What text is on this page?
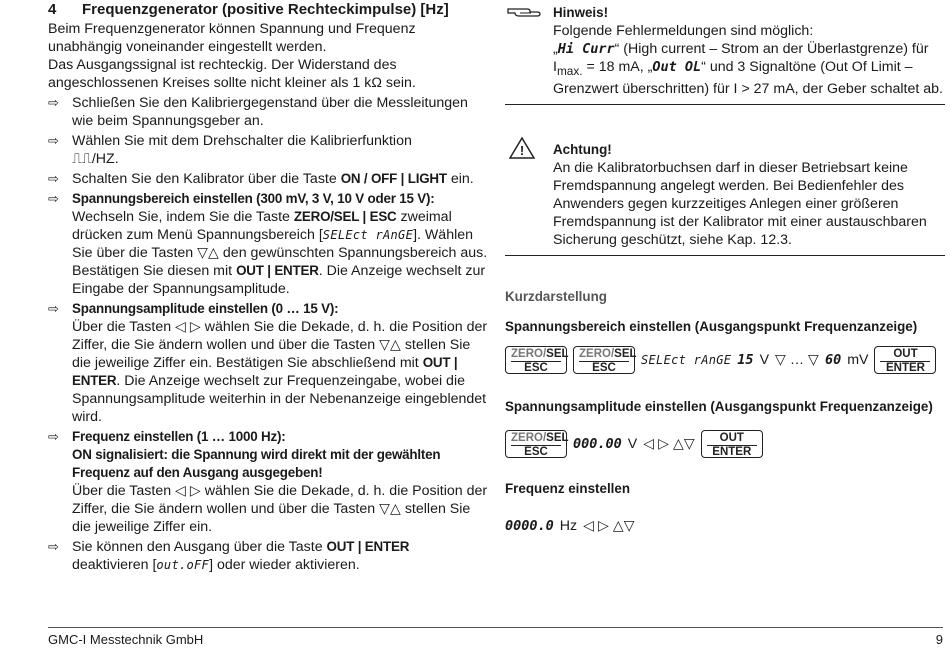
4 Frequenzgenerator (positive Rechteckimpulse) [Hz]

Beim Frequenzgenerator können Spannung und Frequenz unabhängig voneinander eingestellt werden.

Das Ausgangssignal ist rechteckig. Der Widerstand des angeschlossenen Kreises sollte nicht kleiner als 1 kΩ sein.

⇨ Schließen Sie den Kalibriergegenstand über die Messleitungen wie beim Spannungsgeber an.
⇨ Wählen Sie mit dem Drehschalter die Kalibrierfunktion
⎍⎍/HZ.
⇨ Schalten Sie den Kalibrator über die Taste ON / OFF | LIGHT ein.
⇨ Spannungsbereich einstellen (300 mV, 3 V, 10 V oder 15 V):
Wechseln Sie, indem Sie die Taste ZERO/SEL | ESC zweimal drücken zum Menü Spannungsbereich [SELEct rAnGE]. Wählen Sie über die Tasten ▽△ den gewünschten Spannungsbereich aus. Bestätigen Sie diesen mit OUT | ENTER. Die Anzeige wechselt zur Eingabe der Spannungsamplitude.
⇨ Spannungsamplitude einstellen (0 … 15 V):
Über die Tasten ◁ ▷ wählen Sie die Dekade, d. h. die Position der Ziffer, die Sie ändern wollen und über die Tasten ▽△ stellen Sie die jeweilige Ziffer ein. Bestätigen Sie abschließend mit OUT | ENTER. Die Anzeige wechselt zur Frequenzeingabe, wobei die Spannungsamplitude weiterhin in der Nebenanzeige eingeblendet wird.
⇨ Frequenz einstellen (1 … 1000 Hz):
ON signalisiert: die Spannung wird direkt mit der gewählten Frequenz auf den Ausgang ausgegeben!
Über die Tasten ◁ ▷ wählen Sie die Dekade, d. h. die Position der Ziffer, die Sie ändern wollen und über die Tasten ▽△ stellen Sie die jeweilige Ziffer ein.
⇨ Sie können den Ausgang über die Taste OUT | ENTER deaktivieren [out.oFF] oder wieder aktivieren.
Hinweis!
Folgende Fehlermeldungen sind möglich:
„Hi Curr“ (High current – Strom an der Überlastgrenze) für $I_{max.} = 18$ mA, „Out OL“ und 3 Signaltöne (Out Of Limit – Grenzwert überschritten) für I > 27 mA, der Geber schaltet ab.
! Achtung!
An die Kalibratorbuchsen darf in dieser Betriebsart keine Fremdspannung angelegt werden. Bei Bedienfehler des Anwenders gegen kurzzeitiges Anlegen einer größeren Fremdspannung ist der Kalibrator mit einer austauschbaren Sicherung geschützt, siehe Kap. 12.3.
Kurzdarstellung
Spannungsbereich einstellen (Ausgangspunkt Frequenzanzeige)
ZERO/SEL
ESC
ZERO/SEL
ESC
SELEct rAnGE 15 V ▽ … ▽ 60 mV	OUT
ENTER
Spannungsamplitude einstellen (Ausgangspunkt Frequenzanzeige)
ZERO/SEL
ESC	000.00 V ◁ ▷ △▽	OUT
ENTER
Frequenz einstellen
0000.0 Hz ◁ ▷ △▽
GMC-I Messtechnik GmbH	9
